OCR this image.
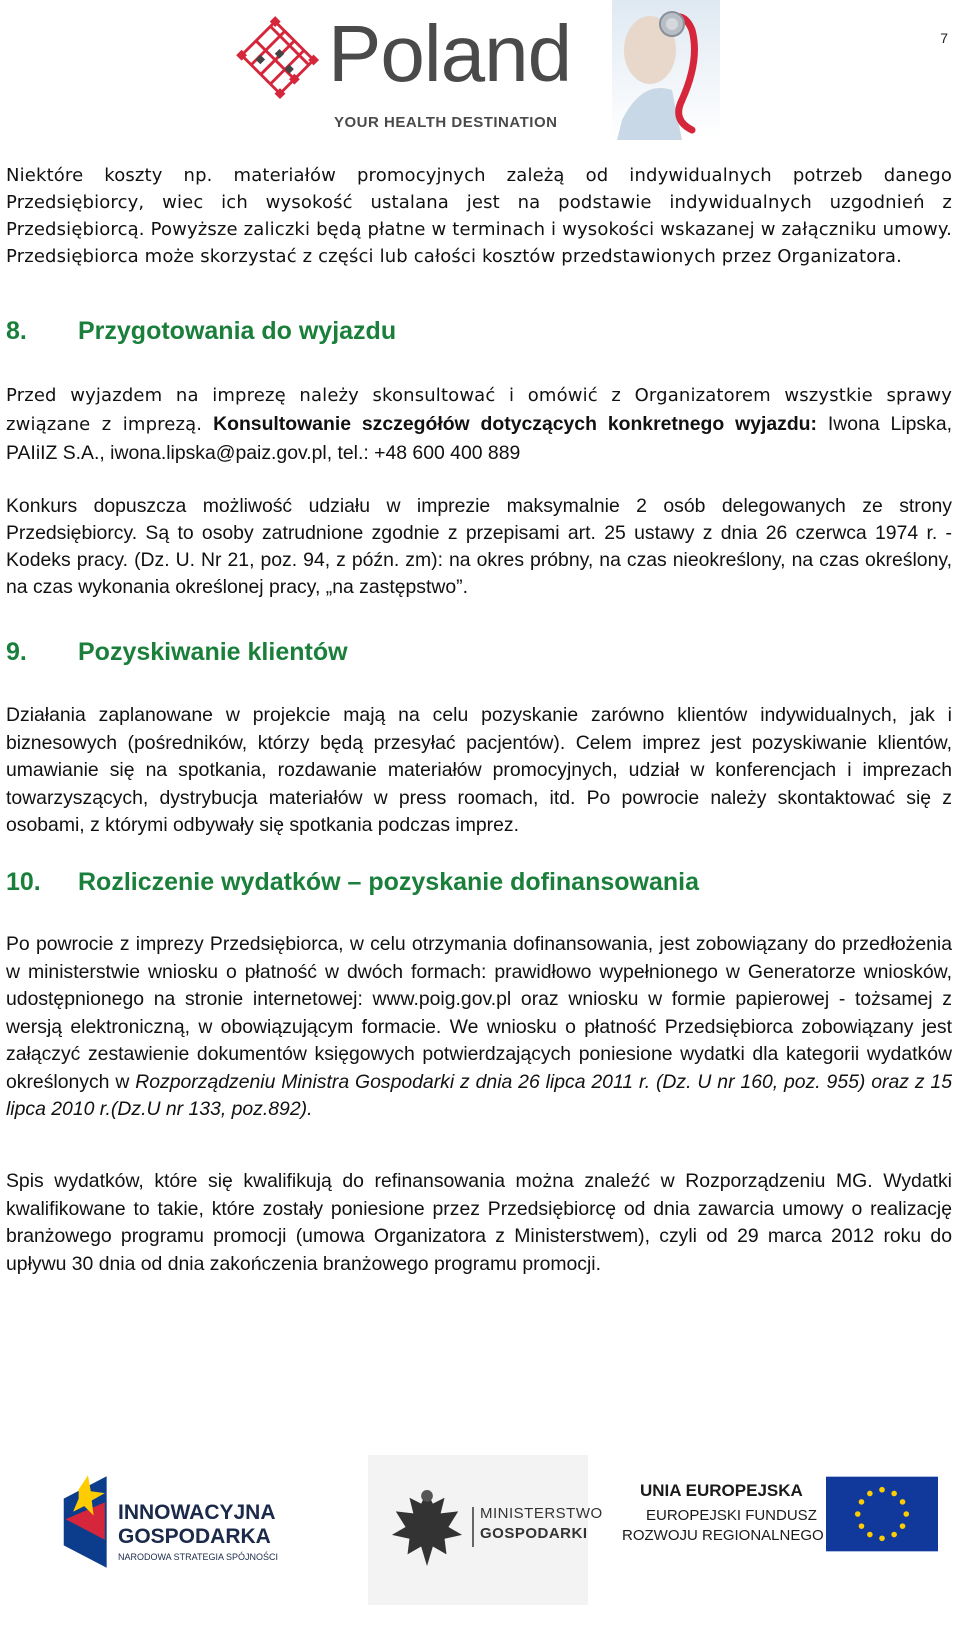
7
Poland
YOUR HEALTH DESTINATION

Niektóre koszty np. materiałów promocyjnych zależą od indywidualnych potrzeb danego Przedsiębiorcy, wiec ich wysokość ustalana jest na podstawie indywidualnych uzgodnień z Przedsiębiorcą. Powyższe zaliczki będą płatne w terminach i wysokości wskazanej w załączniku umowy. Przedsiębiorca może skorzystać z części lub całości kosztów przedstawionych przez Organizatora.

8. Przygotowania do wyjazdu

Przed wyjazdem na imprezę należy skonsultować i omówić z Organizatorem wszystkie sprawy związane z imprezą. Konsultowanie szczegółów dotyczących konkretnego wyjazdu: Iwona Lipska, PAIiIZ S.A., iwona.lipska@paiz.gov.pl, tel.: +48 600 400 889

Konkurs dopuszcza możliwość udziału w imprezie maksymalnie 2 osób delegowanych ze strony Przedsiębiorcy. Są to osoby zatrudnione zgodnie z przepisami art. 25 ustawy z dnia 26 czerwca 1974 r. - Kodeks pracy. (Dz. U. Nr 21, poz. 94, z późn. zm): na okres próbny, na czas nieokreślony, na czas określony, na czas wykonania określonej pracy, „na zastępstwo”.

9. Pozyskiwanie klientów

Działania zaplanowane w projekcie mają na celu pozyskanie zarówno klientów indywidualnych, jak i biznesowych (pośredników, którzy będą przesyłać pacjentów). Celem imprez jest pozyskiwanie klientów, umawianie się na spotkania, rozdawanie materiałów promocyjnych, udział w konferencjach i imprezach towarzyszących, dystrybucja materiałów w press roomach, itd. Po powrocie należy skontaktować się z osobami, z którymi odbywały się spotkania podczas imprez.

10. Rozliczenie wydatków – pozyskanie dofinansowania

Po powrocie z imprezy Przedsiębiorca, w celu otrzymania dofinansowania, jest zobowiązany do przedłożenia w ministerstwie wniosku o płatność w dwóch formach: prawidłowo wypełnionego w Generatorze wniosków, udostępnionego na stronie internetowej: www.poig.gov.pl oraz wniosku w formie papierowej - tożsamej z wersją elektroniczną, w obowiązującym formacie. We wniosku o płatność Przedsiębiorca zobowiązany jest załączyć zestawienie dokumentów księgowych potwierdzających poniesione wydatki dla kategorii wydatków określonych w Rozporządzeniu Ministra Gospodarki z dnia 26 lipca 2011 r. (Dz. U nr 160, poz. 955) oraz z 15 lipca 2010 r.(Dz.U nr 133, poz.892).

Spis wydatków, które się kwalifikują do refinansowania można znaleźć w Rozporządzeniu MG. Wydatki kwalifikowane to takie, które zostały poniesione przez Przedsiębiorcę od dnia zawarcia umowy o realizację branżowego programu promocji (umowa Organizatora z Ministerstwem), czyli od 29 marca 2012 roku do upływu 30 dnia od dnia zakończenia branżowego programu promocji.

INNOWACYJNA
GOSPODARKA
NARODOWA STRATEGIA SPÓJNOŚCI
MINISTERSTWO
GOSPODARKI
UNIA EUROPEJSKA
EUROPEJSKI FUNDUSZ
ROZWOJU REGIONALNEGO
